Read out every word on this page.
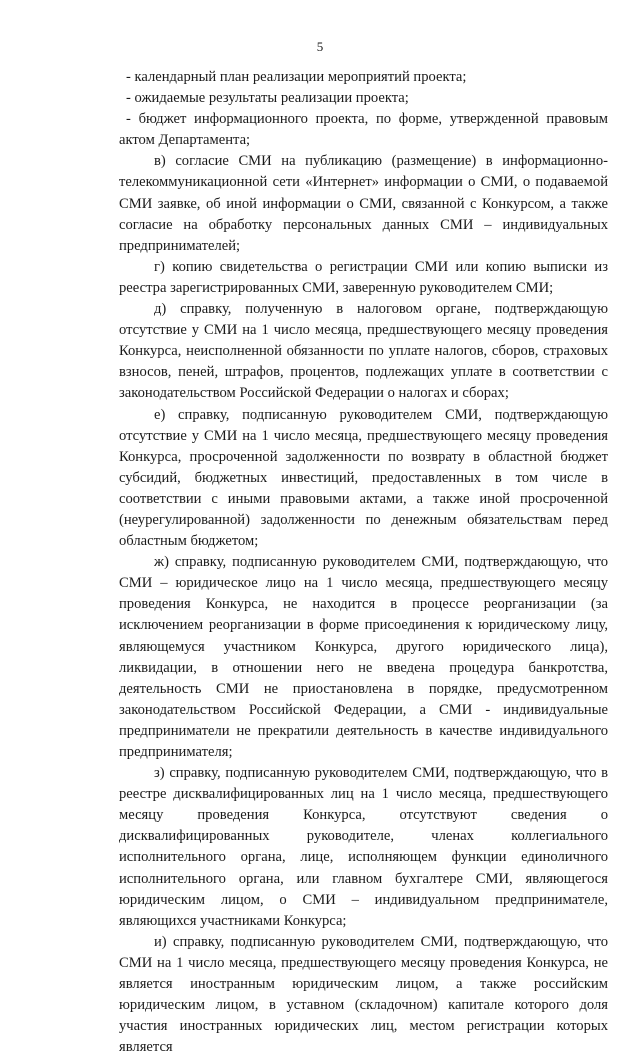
5

- календарный план реализации мероприятий проекта;

- ожидаемые результаты реализации проекта;

- бюджет информационного проекта, по форме, утвержденной правовым актом Департамента;

в) согласие СМИ на публикацию (размещение) в информационно-телекоммуникационной сети «Интернет» информации о СМИ, о подаваемой СМИ заявке, об иной информации о СМИ, связанной с Конкурсом, а также согласие на обработку персональных данных СМИ – индивидуальных предпринимателей;

г) копию свидетельства о регистрации СМИ или копию выписки из реестра зарегистрированных СМИ, заверенную руководителем СМИ;

д) справку, полученную в налоговом органе, подтверждающую отсутствие у СМИ на 1 число месяца, предшествующего месяцу проведения Конкурса, неисполненной обязанности по уплате налогов, сборов, страховых взносов, пеней, штрафов, процентов, подлежащих уплате в соответствии с законодательством Российской Федерации о налогах и сборах;

е) справку, подписанную руководителем СМИ, подтверждающую отсутствие у СМИ на 1 число месяца, предшествующего месяцу проведения Конкурса, просроченной задолженности по возврату в областной бюджет субсидий, бюджетных инвестиций, предоставленных в том числе в соответствии с иными правовыми актами, а также иной просроченной (неурегулированной) задолженности по денежным обязательствам перед областным бюджетом;

ж) справку, подписанную руководителем СМИ, подтверждающую, что СМИ – юридическое лицо на 1 число месяца, предшествующего месяцу проведения Конкурса, не находится в процессе реорганизации (за исключением реорганизации в форме присоединения к юридическому лицу, являющемуся участником Конкурса, другого юридического лица), ликвидации, в отношении него не введена процедура банкротства, деятельность СМИ не приостановлена в порядке, предусмотренном законодательством Российской Федерации, а СМИ - индивидуальные предприниматели не прекратили деятельность в качестве индивидуального предпринимателя;

з) справку, подписанную руководителем СМИ, подтверждающую, что в реестре дисквалифицированных лиц на 1 число месяца, предшествующего месяцу проведения Конкурса, отсутствуют сведения о дисквалифицированных руководителе, членах коллегиального исполнительного органа, лице, исполняющем функции единоличного исполнительного органа, или главном бухгалтере СМИ, являющегося юридическим лицом, о СМИ – индивидуальном предпринимателе, являющихся участниками Конкурса;

и) справку, подписанную руководителем СМИ, подтверждающую, что СМИ на 1 число месяца, предшествующего месяцу проведения Конкурса, не является иностранным юридическим лицом, а также российским юридическим лицом, в уставном (складочном) капитале которого доля участия иностранных юридических лиц, местом регистрации которых является
